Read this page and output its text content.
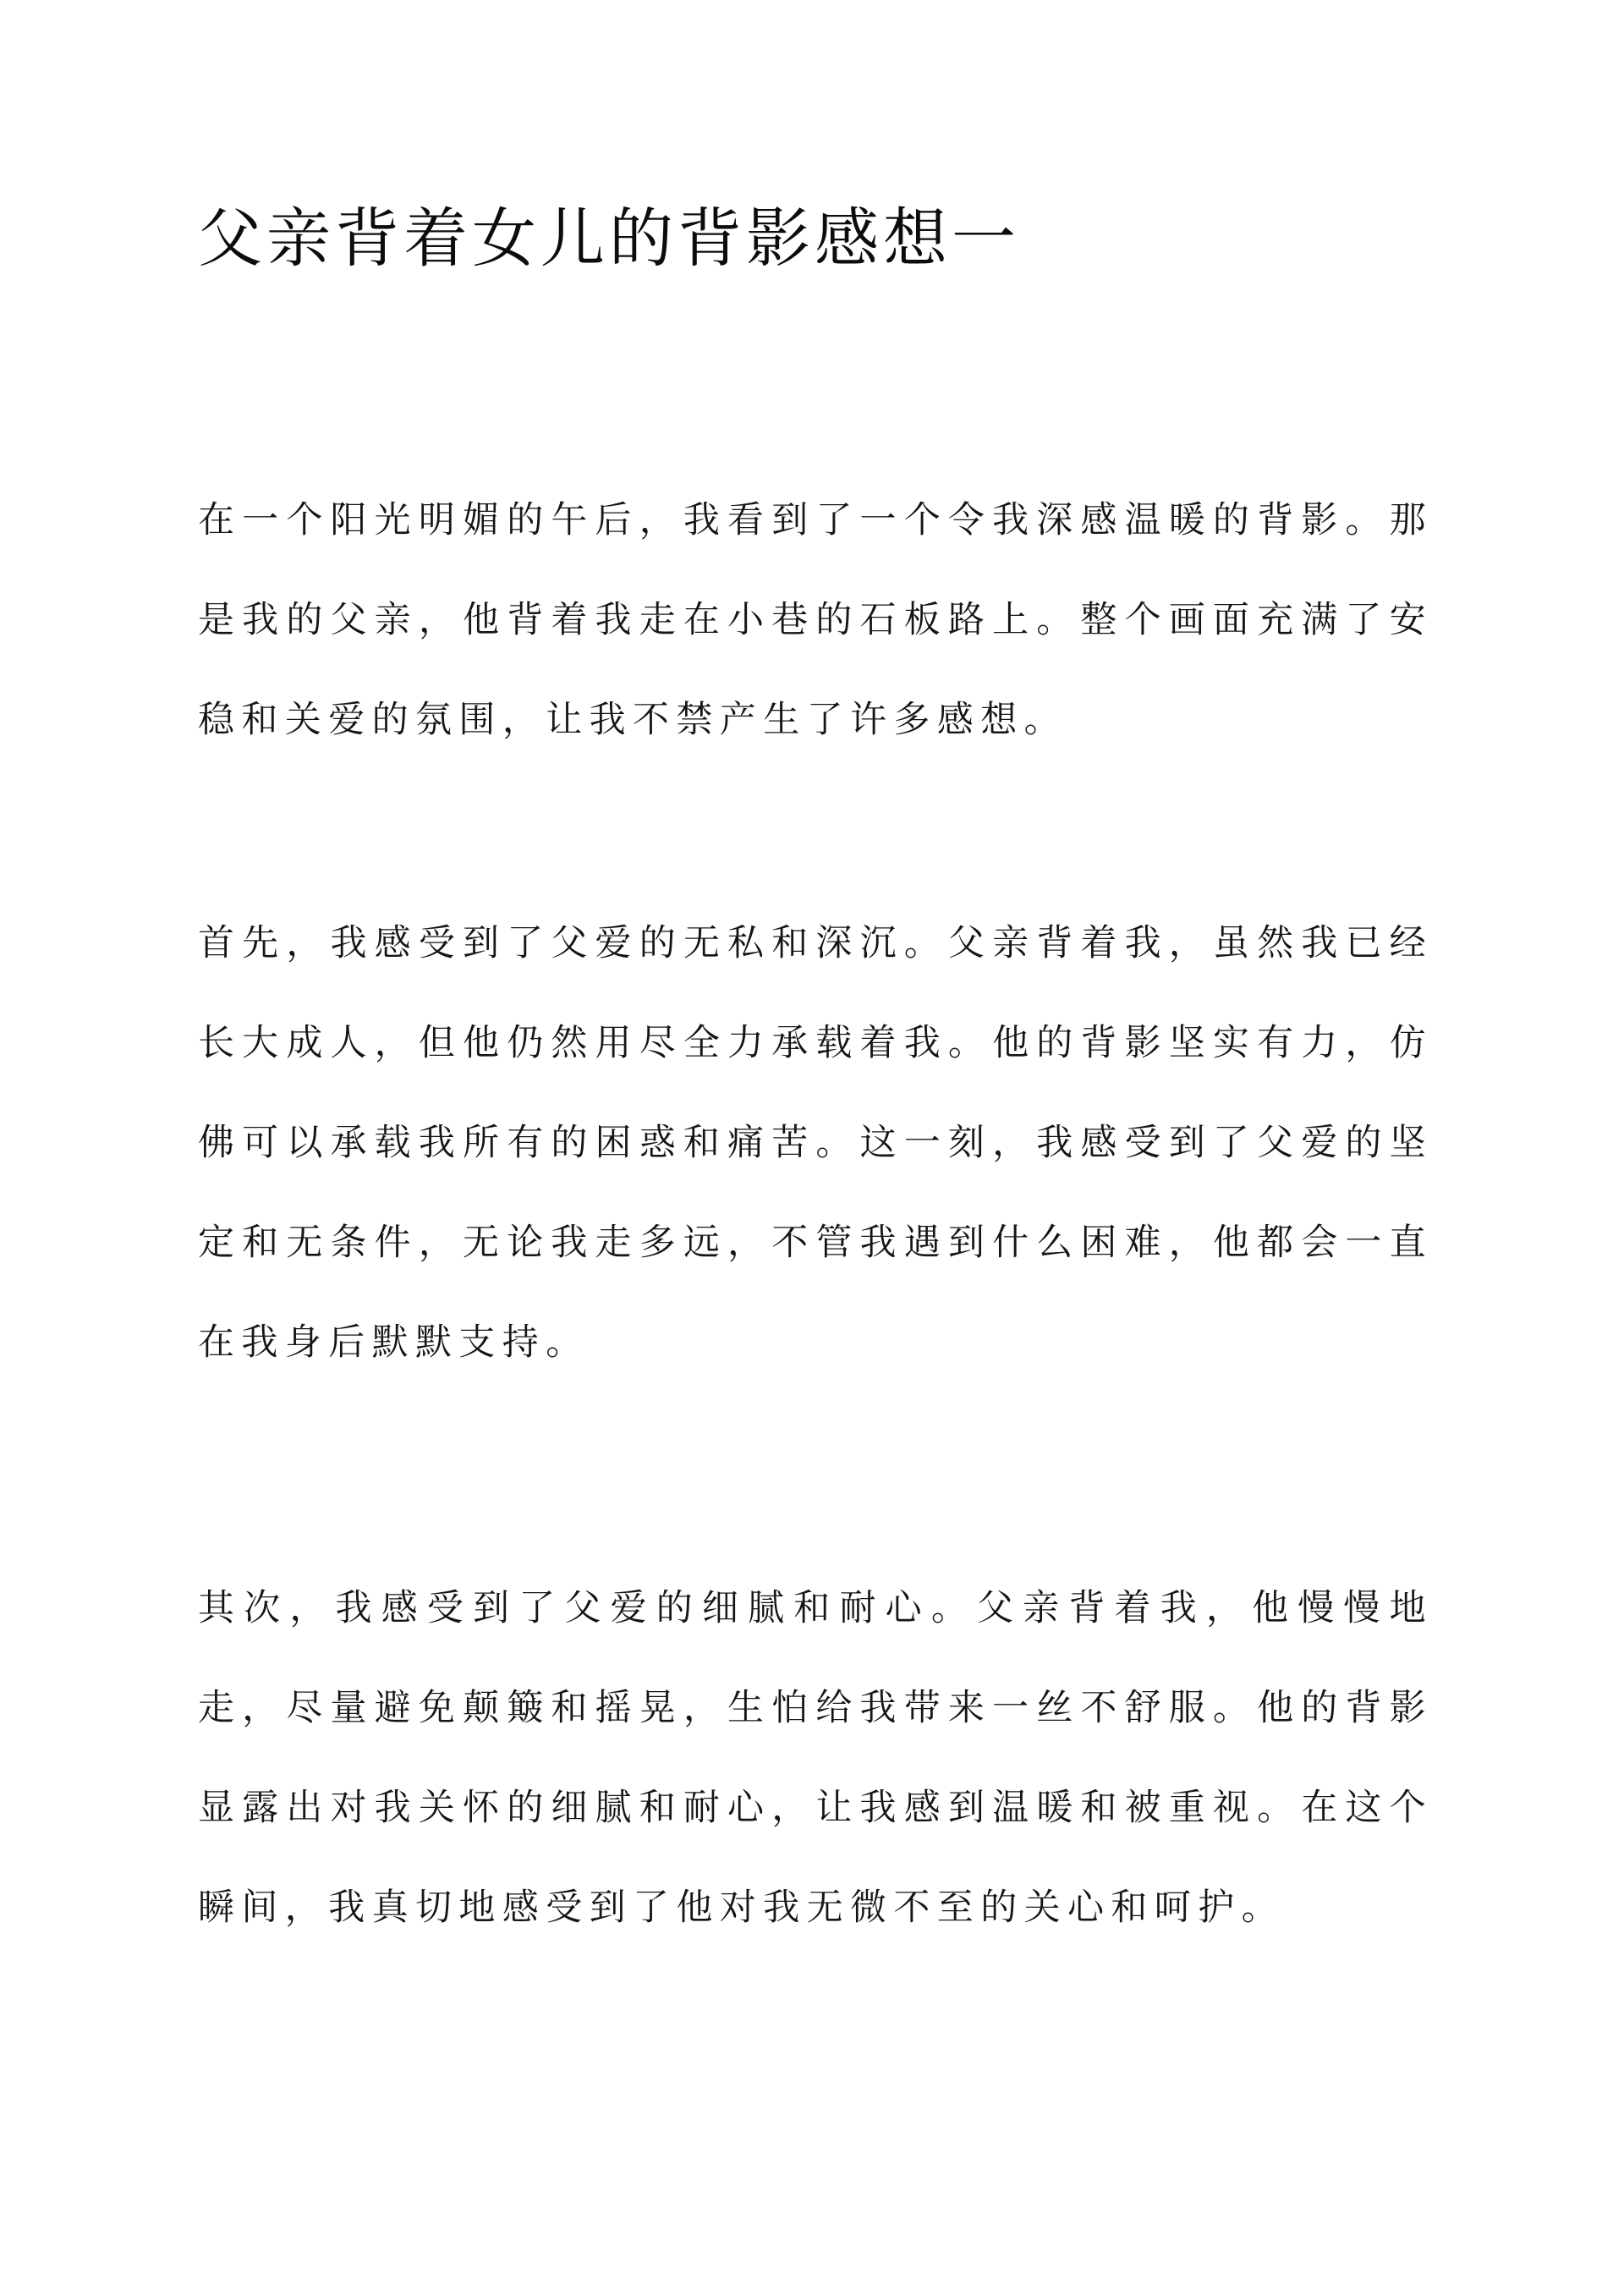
父亲背着女儿的背影感想一

在一个阳光明媚的午后，我看到了一个令我深感温暖的背影。那是我的父亲，他背着我走在小巷的石板路上。整个画面充满了安稳和关爱的氛围，让我不禁产生了许多感想。

首先，我感受到了父爱的无私和深沉。父亲背着我，虽然我已经长大成人，但他仍然用尽全力承载着我。他的背影坚实有力，仿佛可以承载我所有的困惑和痛苦。这一刻，我感受到了父爱的坚定和无条件，无论我走多远，不管我遇到什么困难，他都会一直在我身后默默支持。

其次，我感受到了父爱的细腻和耐心。父亲背着我，他慢慢地走，尽量避免颠簸和摇晃，生怕给我带来一丝不舒服。他的背影显露出对我关怀的细腻和耐心，让我感到温暖和被重视。在这个瞬间，我真切地感受到了他对我无微不至的关心和呵护。
